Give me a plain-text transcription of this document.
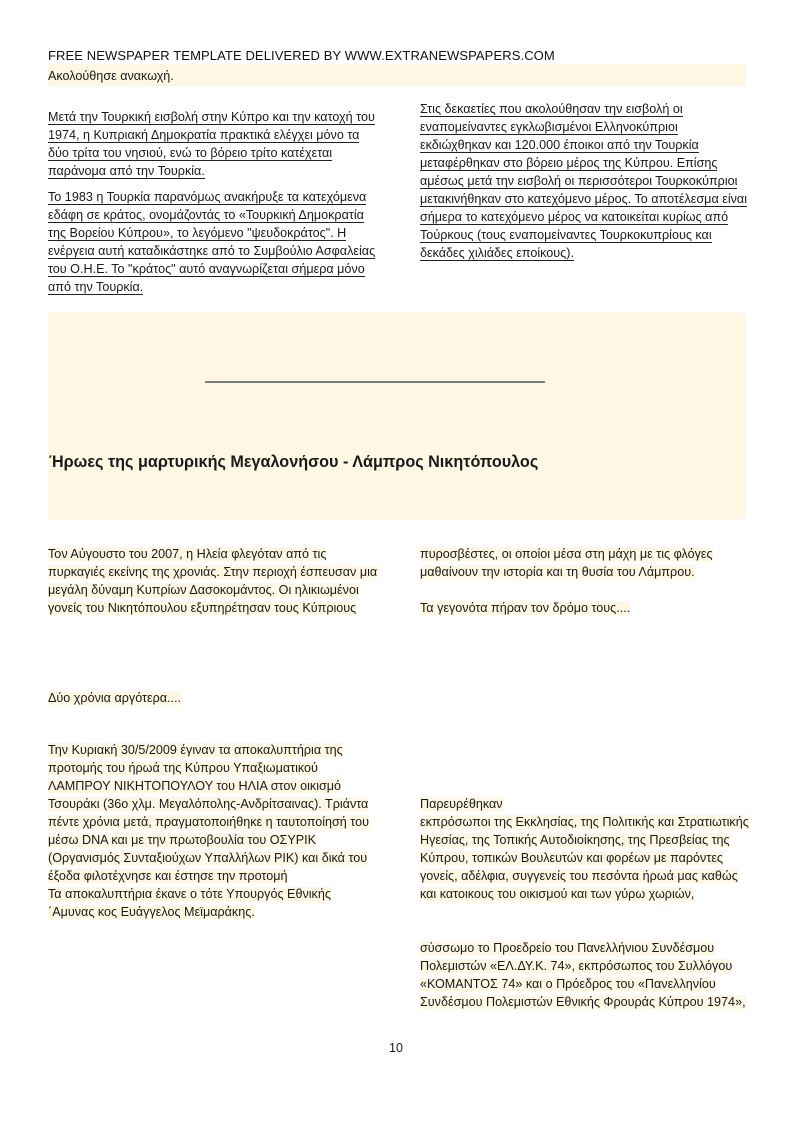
FREE NEWSPAPER TEMPLATE DELIVERED BY WWW.EXTRANEWSPAPERS.COM
Ακολούθησε ανακωχή.

Μετά την Τουρκική εισβολή στην Κύπρο και την κατοχή του 1974, η Κυπριακή Δημοκρατία πρακτικά ελέγχει μόνο τα δύο τρίτα του νησιού, ενώ το βόρειο τρίτο κατέχεται παράνομα από την Τουρκία.

Το 1983 η Τουρκία παρανόμως ανακήρυξε τα κατεχόμενα εδάφη σε κράτος, ονομάζοντάς το «Τουρκική Δημοκρατία της Βορείου Κύπρου», το λεγόμενο "ψευδοκράτος". Η ενέργεια αυτή καταδικάστηκε από το Συμβούλιο Ασφαλείας του Ο.Η.Ε. Το "κράτος" αυτό αναγνωρίζεται σήμερα μόνο από την Τουρκία.

Στις δεκαετίες που ακολούθησαν την εισβολή οι εναπομείναντες εγκλωβισμένοι Ελληνοκύπριοι εκδιώχθηκαν και 120.000 έποικοι από την Τουρκία μεταφέρθηκαν στο βόρειο μέρος της Κύπρου. Επίσης αμέσως μετά την εισβολή οι περισσότεροι Τουρκοκύπριοι μετακινήθηκαν στο κατεχόμενο μέρος. Το αποτέλεσμα είναι σήμερα το κατεχόμενο μέρος να κατοικείται κυρίως από Τούρκους (τους εναπομείναντες Τουρκοκυπρίους και δεκάδες χιλιάδες εποίκους).

Ήρωες της μαρτυρικής Μεγαλονήσου - Λάμπρος Νικητόπουλος
Τον Αύγουστο του 2007, η Ηλεία φλεγόταν από τις πυρκαγιές εκείνης της χρονιάς. Στην περιοχή έσπευσαν μια μεγάλη δύναμη Κυπρίων Δασοκομάντος. Οι ηλικιωμένοι γονείς του Νικητόπουλου εξυπηρέτησαν τους Κύπριους
πυροσβέστες, οι οποίοι μέσα στη μάχη με τις φλόγες μαθαίνουν την ιστορία και τη θυσία του Λάμπρου.
Τα γεγονότα πήραν τον δρόμο τους....
Δύο χρόνια αργότερα....
Την Κυριακή 30/5/2009 έγιναν τα αποκαλυπτήρια της προτομής του ήρωά της Κύπρου Υπαξιωματικού ΛΑΜΠΡΟΥ ΝΙΚΗΤΟΠΟΥΛΟΥ του ΗΛΙΑ στον οικισμό Τσουράκι (36ο χλμ. Μεγαλόπολης-Ανδρίτσαινας). Τριάντα πέντε χρόνια μετά, πραγματοποιήθηκε η ταυτοποίησή του μέσω DNA και με την πρωτοβουλία του ΟΣΥΡΙΚ (Οργανισμός Συνταξιούχων Υπαλλήλων ΡΙΚ) και δικά του έξοδα φιλοτέχνησε και έστησε την προτομή
Τα αποκαλυπτήρια έκανε ο τότε Υπουργός Εθνικής ΄Αμυνας κος Ευάγγελος Μεϊμαράκης.
Παρευρέθηκαν
εκπρόσωποι της Εκκλησίας, της Πολιτικής και Στρατιωτικής Ηγεσίας, της Τοπικής Αυτοδιοίκησης, της Πρεσβείας της Κύπρου, τοπικών Βουλευτών και φορέων με παρόντες γονείς, αδέλφια, συγγενείς του πεσόντα ήρωά μας καθώς και κατοικους του οικισμού και των γύρω χωριών,
σύσσωμο το Προεδρείο του Πανελλήνιου Συνδέσμου Πολεμιστών «ΕΛ.ΔΥ.Κ. 74», εκπρόσωπος του Συλλόγου «ΚΟΜΑΝΤΟΣ 74» και ο Πρόεδρος του «Πανελληνίου Συνδέσμου Πολεμιστών Εθνικής Φρουράς Κύπρου 1974»,
10
